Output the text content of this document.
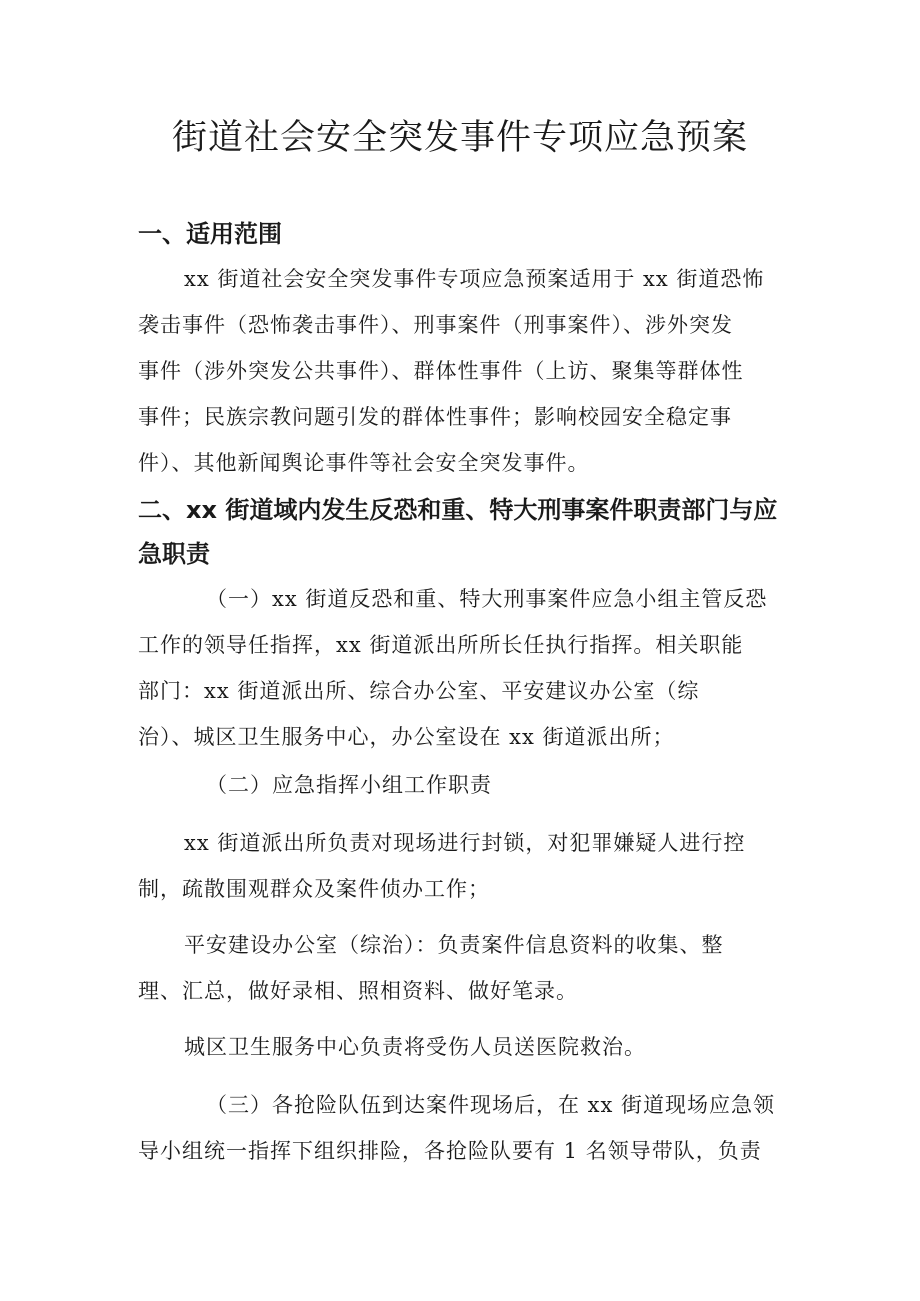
街道社会安全突发事件专项应急预案
一、适用范围
xx 街道社会安全突发事件专项应急预案适用于 xx 街道恐怖
袭击事件（恐怖袭击事件）、刑事案件（刑事案件）、涉外突发
事件（涉外突发公共事件）、群体性事件（上访、聚集等群体性
事件；民族宗教问题引发的群体性事件；影响校园安全稳定事
件）、其他新闻舆论事件等社会安全突发事件。
二、xx 街道域内发生反恐和重、特大刑事案件职责部门与应
急职责
（一）xx 街道反恐和重、特大刑事案件应急小组主管反恐
工作的领导任指挥，xx 街道派出所所长任执行指挥。相关职能
部门：xx 街道派出所、综合办公室、平安建议办公室（综
治）、城区卫生服务中心，办公室设在 xx 街道派出所；
（二）应急指挥小组工作职责
xx 街道派出所负责对现场进行封锁，对犯罪嫌疑人进行控
制，疏散围观群众及案件侦办工作；
平安建设办公室（综治）：负责案件信息资料的收集、整
理、汇总，做好录相、照相资料、做好笔录。
城区卫生服务中心负责将受伤人员送医院救治。
（三）各抢险队伍到达案件现场后，在 xx 街道现场应急领
导小组统一指挥下组织排险，各抢险队要有 1 名领导带队，负责
